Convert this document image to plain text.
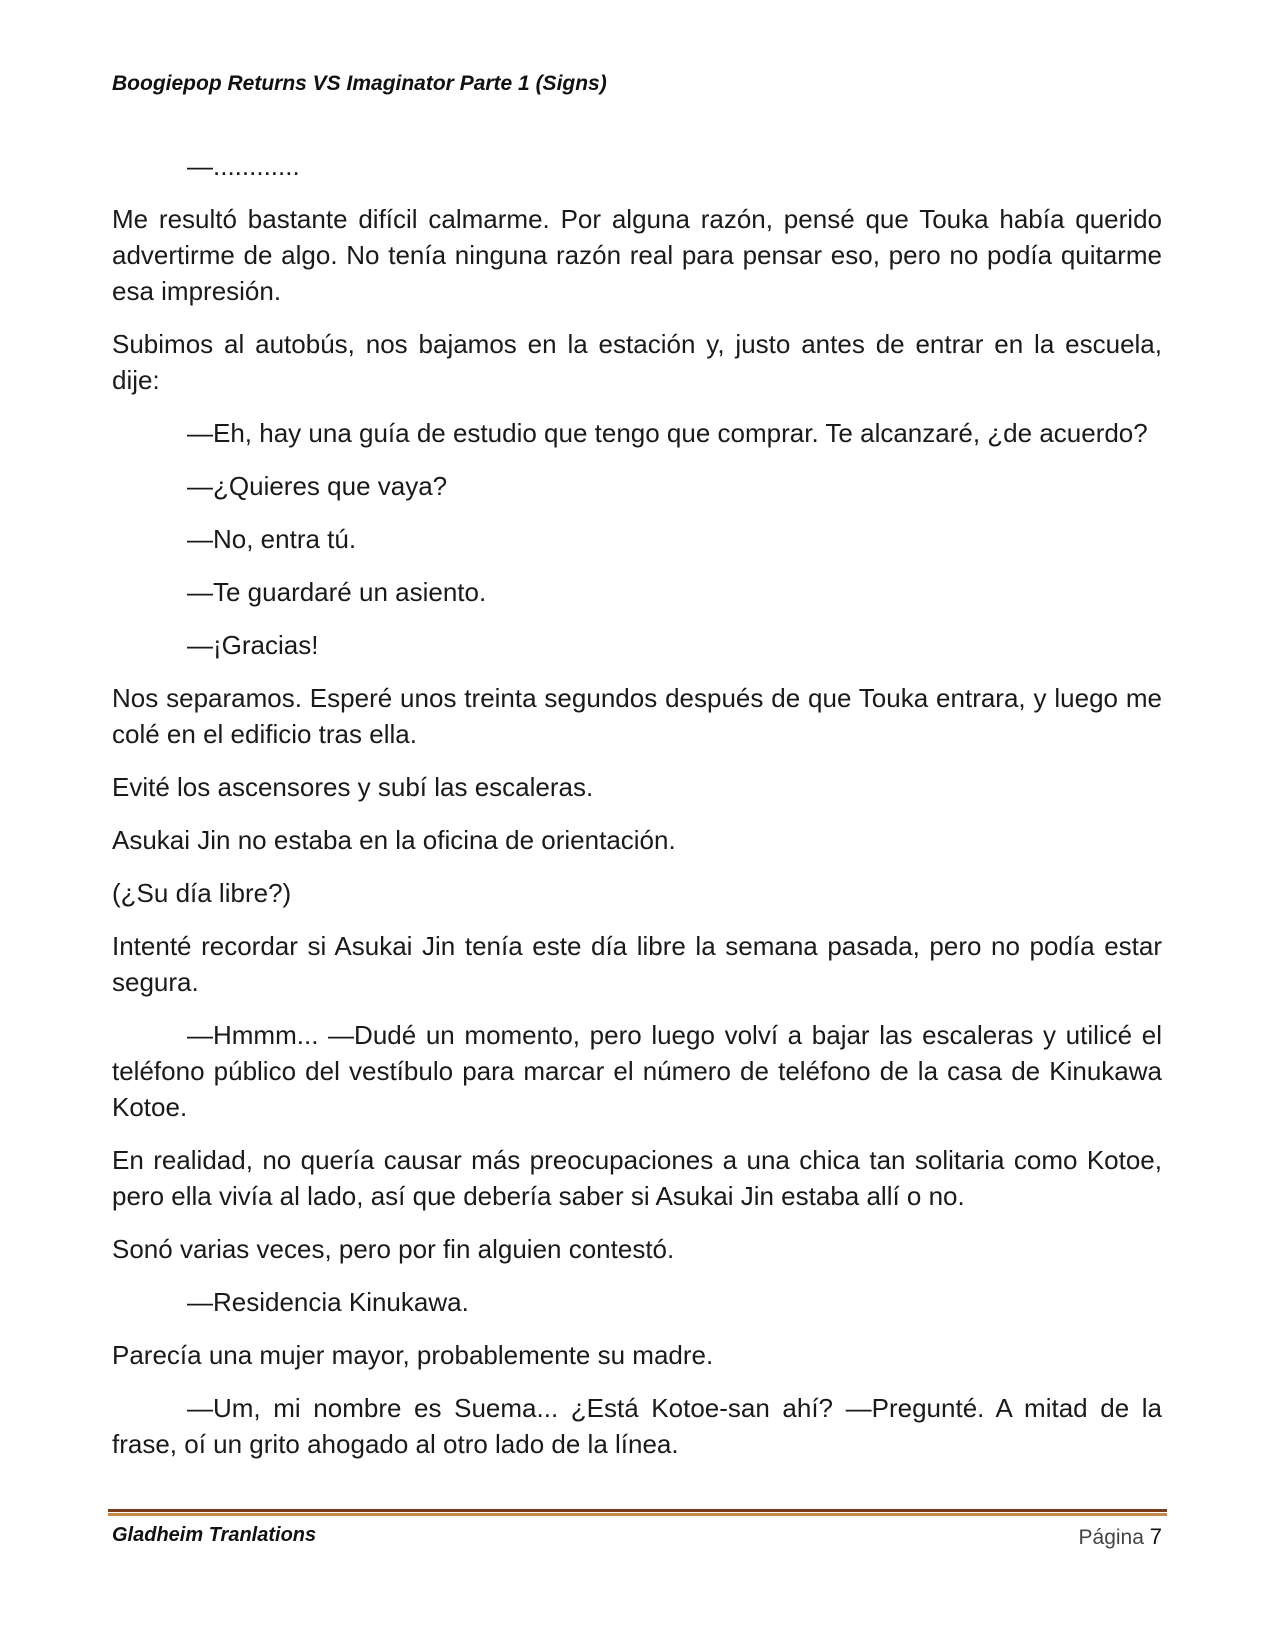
Boogiepop Returns VS Imaginator Parte 1 (Signs)

—............

Me resultó bastante difícil calmarme. Por alguna razón, pensé que Touka había querido advertirme de algo. No tenía ninguna razón real para pensar eso, pero no podía quitarme esa impresión.

Subimos al autobús, nos bajamos en la estación y, justo antes de entrar en la escuela, dije:

—Eh, hay una guía de estudio que tengo que comprar. Te alcanzaré, ¿de acuerdo?

—¿Quieres que vaya?

—No, entra tú.

—Te guardaré un asiento.

—¡Gracias!

Nos separamos. Esperé unos treinta segundos después de que Touka entrara, y luego me colé en el edificio tras ella.

Evité los ascensores y subí las escaleras.

Asukai Jin no estaba en la oficina de orientación.

(¿Su día libre?)

Intenté recordar si Asukai Jin tenía este día libre la semana pasada, pero no podía estar segura.

—Hmmm... —Dudé un momento, pero luego volví a bajar las escaleras y utilicé el teléfono público del vestíbulo para marcar el número de teléfono de la casa de Kinukawa Kotoe.

En realidad, no quería causar más preocupaciones a una chica tan solitaria como Kotoe, pero ella vivía al lado, así que debería saber si Asukai Jin estaba allí o no.

Sonó varias veces, pero por fin alguien contestó.

—Residencia Kinukawa.

Parecía una mujer mayor, probablemente su madre.

—Um, mi nombre es Suema... ¿Está Kotoe-san ahí? —Pregunté. A mitad de la frase, oí un grito ahogado al otro lado de la línea.

Gladheim Tranlations	Página 7
